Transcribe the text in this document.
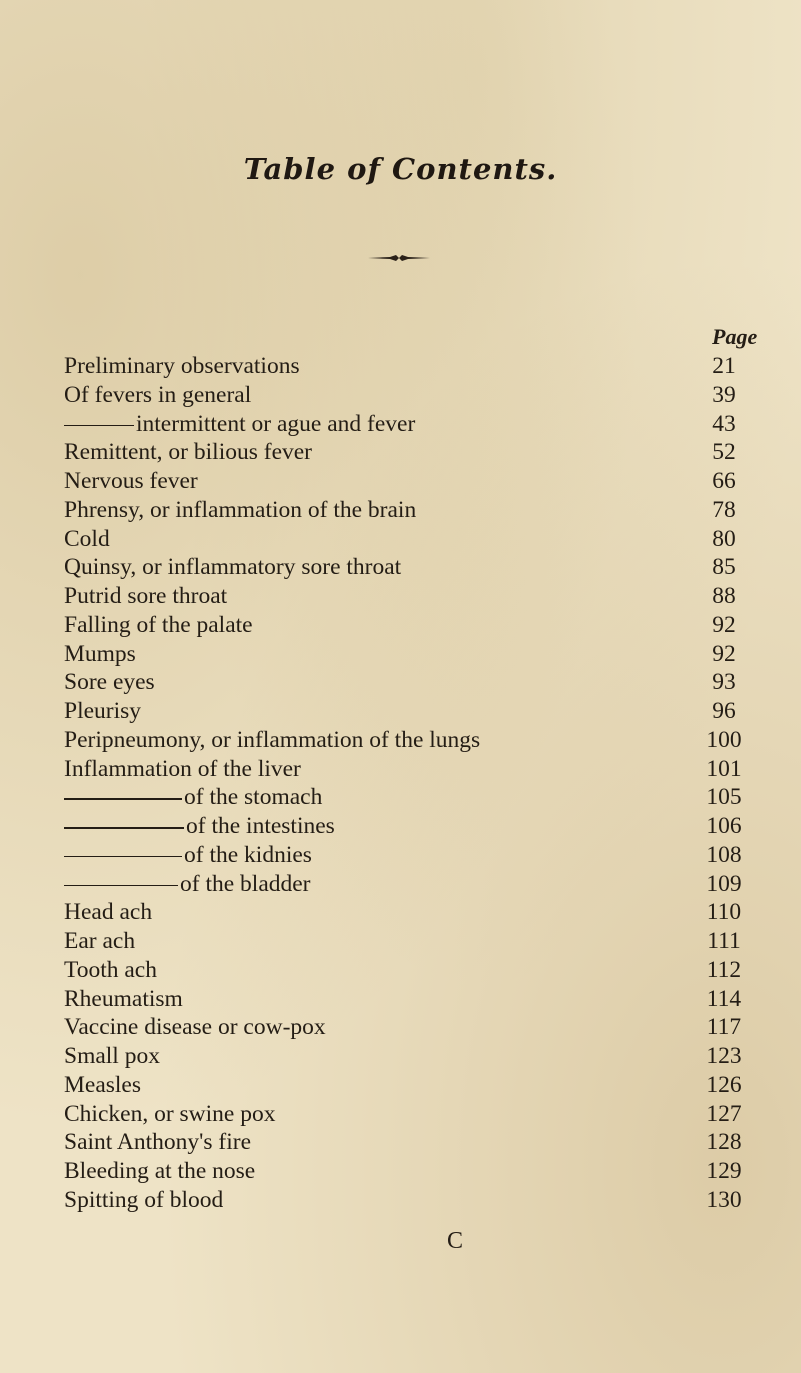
Table of Contents.
Page
Preliminary observations	21
Of fevers in general	39
intermittent or ague and fever	43
Remittent, or bilious fever	52
Nervous fever	66
Phrensy, or inflammation of the brain	78
Cold	80
Quinsy, or inflammatory sore throat	85
Putrid sore throat	88
Falling of the palate	92
Mumps	92
Sore eyes	93
Pleurisy	96
Peripneumony, or inflammation of the lungs	100
Inflammation of the liver	101
of the stomach	105
of the intestines	106
of the kidnies	108
of the bladder	109
Head ach	110
Ear ach	111
Tooth ach	112
Rheumatism	114
Vaccine disease or cow-pox	117
Small pox	123
Measles	126
Chicken, or swine pox	127
Saint Anthony's fire	128
Bleeding at the nose	129
Spitting of blood	130
C
